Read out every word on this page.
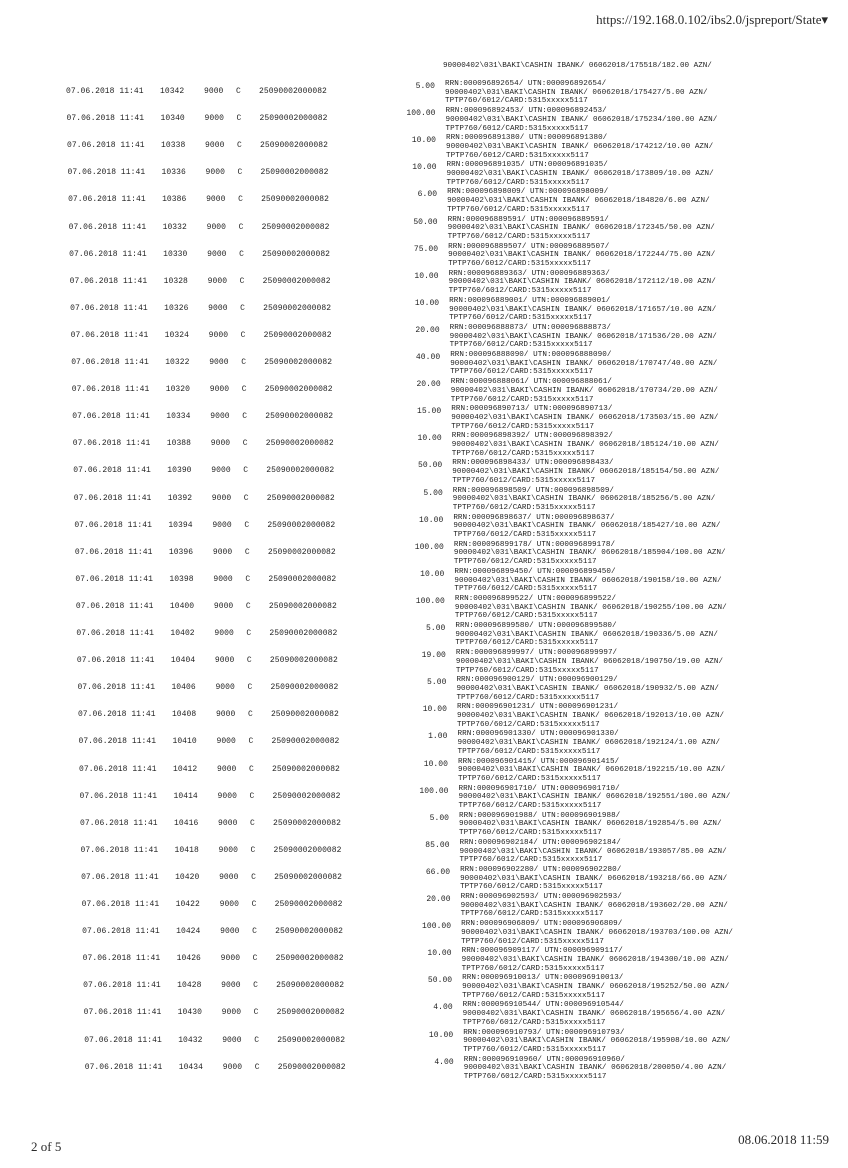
https://192.168.0.102/ibs2.0/jspreport/State▾
90000402\031\BAKI\CASHIN IBANK/ 06062018/175518/182.00 AZN/
07.06.2018 11:41 10342 9000 C 25090002000082
5.00 RRN:000096892654/ UTN:000096892654/
90000402\031\BAKI\CASHIN IBANK/ 06062018/175427/5.00 AZN/
TPTP760/6012/CARD:5315xxxxx5117
07.06.2018 11:41 10340 9000 C 25090002000082
100.00 RRN:000096892453/ UTN:000096892453/
90000402\031\BAKI\CASHIN IBANK/ 06062018/175234/100.00 AZN/
TPTP760/6012/CARD:5315xxxxx5117
07.06.2018 11:41 10338 9000 C 25090002000082
10.00 RRN:000096891380/ UTN:000096891380/
90000402\031\BAKI\CASHIN IBANK/ 06062018/174212/10.00 AZN/
TPTP760/6012/CARD:5315xxxxx5117
07.06.2018 11:41 10336 9000 C 25090002000082
10.00 RRN:000096891035/ UTN:000096891035/
90000402\031\BAKI\CASHIN IBANK/ 06062018/173809/10.00 AZN/
TPTP760/6012/CARD:5315xxxxx5117
07.06.2018 11:41 10386 9000 C 25090002000082
6.00 RRN:000096898009/ UTN:000096898009/
90000402\031\BAKI\CASHIN IBANK/ 06062018/184820/6.00 AZN/
TPTP760/6012/CARD:5315xxxxx5117
07.06.2018 11:41 10332 9000 C 25090002000082
50.00 RRN:000096889591/ UTN:000096889591/
90000402\031\BAKI\CASHIN IBANK/ 06062018/172345/50.00 AZN/
TPTP760/6012/CARD:5315xxxxx5117
07.06.2018 11:41 10330 9000 C 25090002000082
75.00 RRN:000096889507/ UTN:000096889507/
90000402\031\BAKI\CASHIN IBANK/ 06062018/172244/75.00 AZN/
TPTP760/6012/CARD:5315xxxxx5117
07.06.2018 11:41 10328 9000 C 25090002000082
10.00 RRN:000096889363/ UTN:000096889363/
90000402\031\BAKI\CASHIN IBANK/ 06062018/172112/10.00 AZN/
TPTP760/6012/CARD:5315xxxxx5117
07.06.2018 11:41 10326 9000 C 25090002000082
10.00 RRN:000096889001/ UTN:000096889001/
90000402\031\BAKI\CASHIN IBANK/ 06062018/171657/10.00 AZN/
TPTP760/6012/CARD:5315xxxxx5117
07.06.2018 11:41 10324 9000 C 25090002000082
20.00 RRN:000096888873/ UTN:000096888873/
90000402\031\BAKI\CASHIN IBANK/ 06062018/171536/20.00 AZN/
TPTP760/6012/CARD:5315xxxxx5117
07.06.2018 11:41 10322 9000 C 25090002000082
40.00 RRN:000096888090/ UTN:000096888090/
90000402\031\BAKI\CASHIN IBANK/ 06062018/170747/40.00 AZN/
TPTP760/6012/CARD:5315xxxxx5117
07.06.2018 11:41 10320 9000 C 25090002000082
20.00 RRN:000096888061/ UTN:000096888061/
90000402\031\BAKI\CASHIN IBANK/ 06062018/170734/20.00 AZN/
TPTP760/6012/CARD:5315xxxxx5117
07.06.2018 11:41 10334 9000 C 25090002000082
15.00 RRN:000096890713/ UTN:000096890713/
90000402\031\BAKI\CASHIN IBANK/ 06062018/173503/15.00 AZN/
TPTP760/6012/CARD:5315xxxxx5117
07.06.2018 11:41 10388 9000 C 25090002000082
10.00 RRN:000096898392/ UTN:000096898392/
90000402\031\BAKI\CASHIN IBANK/ 06062018/185124/10.00 AZN/
TPTP760/6012/CARD:5315xxxxx5117
07.06.2018 11:41 10390 9000 C 25090002000082
50.00 RRN:000096898433/ UTN:000096898433/
90000402\031\BAKI\CASHIN IBANK/ 06062018/185154/50.00 AZN/
TPTP760/6012/CARD:5315xxxxx5117
07.06.2018 11:41 10392 9000 C 25090002000082
5.00 RRN:000096898509/ UTN:000096898509/
90000402\031\BAKI\CASHIN IBANK/ 06062018/185256/5.00 AZN/
TPTP760/6012/CARD:5315xxxxx5117
07.06.2018 11:41 10394 9000 C 25090002000082
10.00 RRN:000096898637/ UTN:000096898637/
90000402\031\BAKI\CASHIN IBANK/ 06062018/185427/10.00 AZN/
TPTP760/6012/CARD:5315xxxxx5117
07.06.2018 11:41 10396 9000 C 25090002000082
100.00 RRN:000096899178/ UTN:000096899178/
90000402\031\BAKI\CASHIN IBANK/ 06062018/185904/100.00 AZN/
TPTP760/6012/CARD:5315xxxxx5117
07.06.2018 11:41 10398 9000 C 25090002000082
10.00 RRN:000096899450/ UTN:000096899450/
90000402\031\BAKI\CASHIN IBANK/ 06062018/190158/10.00 AZN/
TPTP760/6012/CARD:5315xxxxx5117
07.06.2018 11:41 10400 9000 C 25090002000082
100.00 RRN:000096899522/ UTN:000096899522/
90000402\031\BAKI\CASHIN IBANK/ 06062018/190255/100.00 AZN/
TPTP760/6012/CARD:5315xxxxx5117
07.06.2018 11:41 10402 9000 C 25090002000082
5.00 RRN:000096899580/ UTN:000096899580/
90000402\031\BAKI\CASHIN IBANK/ 06062018/190336/5.00 AZN/
TPTP760/6012/CARD:5315xxxxx5117
07.06.2018 11:41 10404 9000 C 25090002000082
19.00 RRN:000096899997/ UTN:000096899997/
90000402\031\BAKI\CASHIN IBANK/ 06062018/190750/19.00 AZN/
TPTP760/6012/CARD:5315xxxxx5117
07.06.2018 11:41 10406 9000 C 25090002000082
5.00 RRN:000096900129/ UTN:000096900129/
90000402\031\BAKI\CASHIN IBANK/ 06062018/190932/5.00 AZN/
TPTP760/6012/CARD:5315xxxxx5117
07.06.2018 11:41 10408 9000 C 25090002000082
10.00 RRN:000096901231/ UTN:000096901231/
90000402\031\BAKI\CASHIN IBANK/ 06062018/192013/10.00 AZN/
TPTP760/6012/CARD:5315xxxxx5117
07.06.2018 11:41 10410 9000 C 25090002000082
1.00 RRN:000096901330/ UTN:000096901330/
90000402\031\BAKI\CASHIN IBANK/ 06062018/192124/1.00 AZN/
TPTP760/6012/CARD:5315xxxxx5117
07.06.2018 11:41 10412 9000 C 25090002000082
10.00 RRN:000096901415/ UTN:000096901415/
90000402\031\BAKI\CASHIN IBANK/ 06062018/192215/10.00 AZN/
TPTP760/6012/CARD:5315xxxxx5117
07.06.2018 11:41 10414 9000 C 25090002000082
100.00 RRN:000096901710/ UTN:000096901710/
90000402\031\BAKI\CASHIN IBANK/ 06062018/192551/100.00 AZN/
TPTP760/6012/CARD:5315xxxxx5117
07.06.2018 11:41 10416 9000 C 25090002000082
5.00 RRN:000096901988/ UTN:000096901988/
90000402\031\BAKI\CASHIN IBANK/ 06062018/192854/5.00 AZN/
TPTP760/6012/CARD:5315xxxxx5117
07.06.2018 11:41 10418 9000 C 25090002000082
85.00 RRN:000096902184/ UTN:000096902184/
90000402\031\BAKI\CASHIN IBANK/ 06062018/193057/85.00 AZN/
TPTP760/6012/CARD:5315xxxxx5117
07.06.2018 11:41 10420 9000 C 25090002000082
66.00 RRN:000096902280/ UTN:000096902280/
90000402\031\BAKI\CASHIN IBANK/ 06062018/193218/66.00 AZN/
TPTP760/6012/CARD:5315xxxxx5117
07.06.2018 11:41 10422 9000 C 25090002000082
20.00 RRN:000096902593/ UTN:000096902593/
90000402\031\BAKI\CASHIN IBANK/ 06062018/193602/20.00 AZN/
TPTP760/6012/CARD:5315xxxxx5117
07.06.2018 11:41 10424 9000 C 25090002000082
100.00 RRN:000096906809/ UTN:000096906809/
90000402\031\BAKI\CASHIN IBANK/ 06062018/193703/100.00 AZN/
TPTP760/6012/CARD:5315xxxxx5117
07.06.2018 11:41 10426 9000 C 25090002000082
10.00 RRN:000096909117/ UTN:000096909117/
90000402\031\BAKI\CASHIN IBANK/ 06062018/194300/10.00 AZN/
TPTP760/6012/CARD:5315xxxxx5117
07.06.2018 11:41 10428 9000 C 25090002000082
50.00 RRN:000096910013/ UTN:000096910013/
90000402\031\BAKI\CASHIN IBANK/ 06062018/195252/50.00 AZN/
TPTP760/6012/CARD:5315xxxxx5117
07.06.2018 11:41 10430 9000 C 25090002000082
4.00 RRN:000096910544/ UTN:000096910544/
90000402\031\BAKI\CASHIN IBANK/ 06062018/195656/4.00 AZN/
TPTP760/6012/CARD:5315xxxxx5117
07.06.2018 11:41 10432 9000 C 25090002000082
10.00 RRN:000096910793/ UTN:000096910793/
90000402\031\BAKI\CASHIN IBANK/ 06062018/195908/10.00 AZN/
TPTP760/6012/CARD:5315xxxxx5117
07.06.2018 11:41 10434 9000 C 25090002000082
4.00 RRN:000096910960/ UTN:000096910960/
90000402\031\BAKI\CASHIN IBANK/ 06062018/200050/4.00 AZN/
TPTP760/6012/CARD:5315xxxxx5117
2 of 5	08.06.2018 11:59
